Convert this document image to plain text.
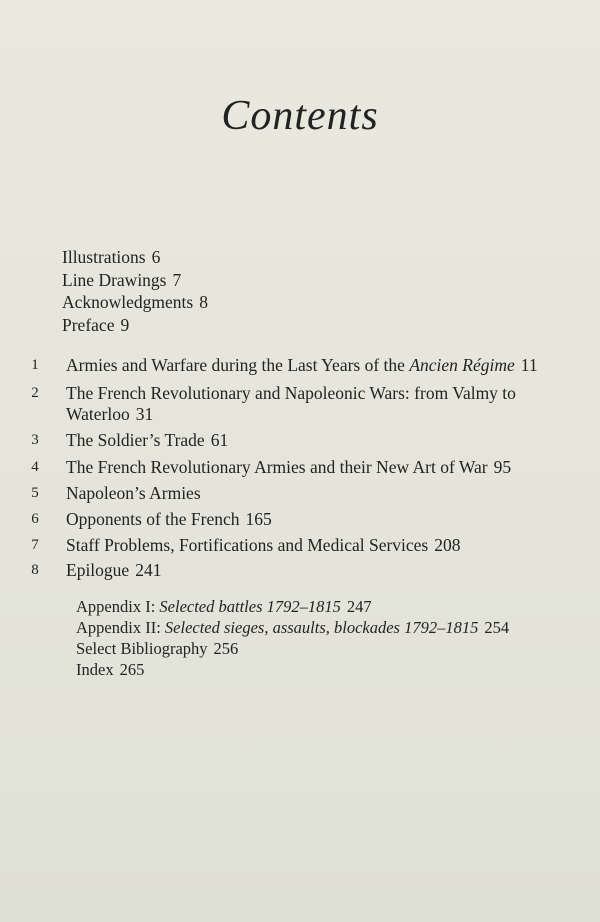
Contents
Illustrations 6
Line Drawings 7
Acknowledgments 8
Preface 9
1 Armies and Warfare during the Last Years of the Ancien Régime 11
2 The French Revolutionary and Napoleonic Wars: from Valmy to
Waterloo 31
3 The Soldier’s Trade 61
4 The French Revolutionary Armies and their New Art of War 95
5 Napoleon’s Armies
6 Opponents of the French 165
7 Staff Problems, Fortifications and Medical Services 208
8 Epilogue 241
Appendix I: Selected battles 1792–1815 247
Appendix II: Selected sieges, assaults, blockades 1792–1815 254
Select Bibliography 256
Index 265
